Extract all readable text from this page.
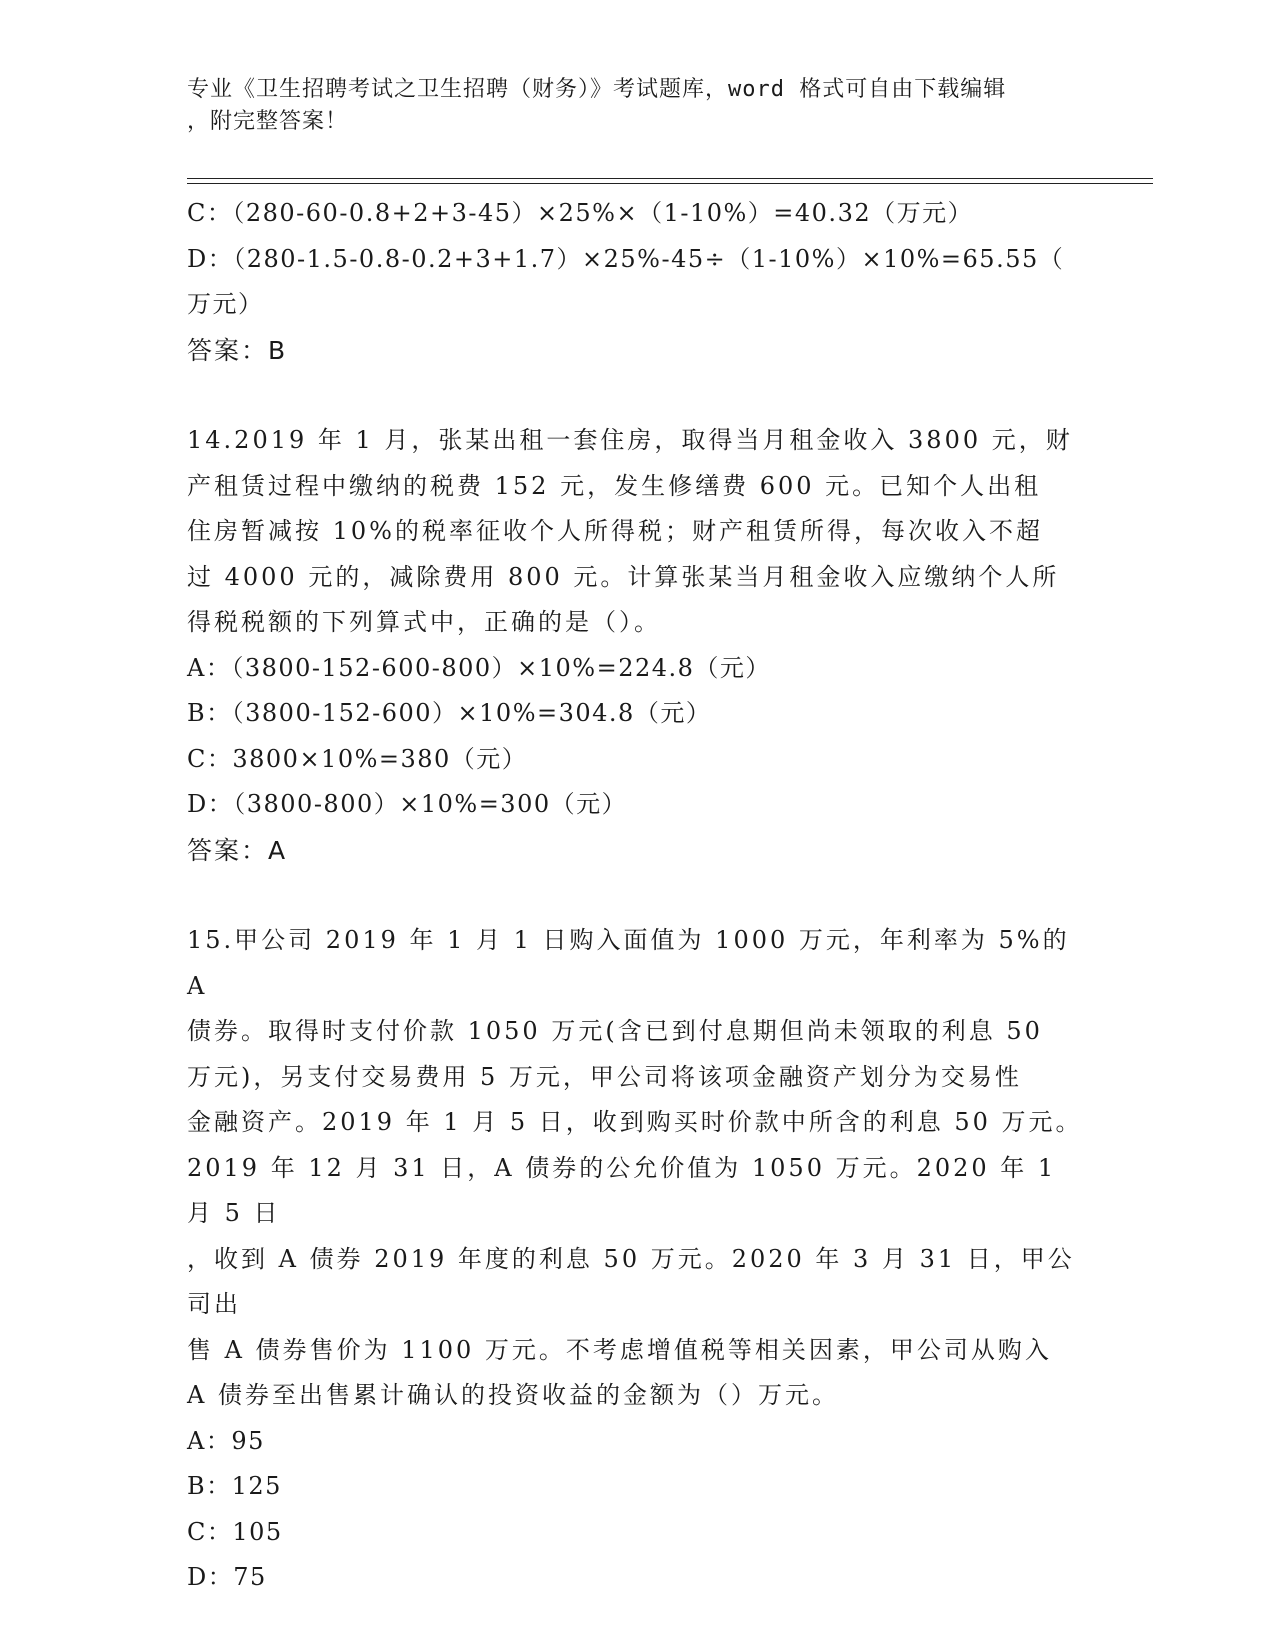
专业《卫生招聘考试之卫生招聘（财务）》考试题库，word 格式可自由下载编辑
，附完整答案！

C：（280-60-0.8+2+3-45）×25%×（1-10%）=40.32（万元）

D：（280-1.5-0.8-0.2+3+1.7）×25%-45÷（1-10%）×10%=65.55（

万元）

答案：B

14.2019 年 1 月，张某出租一套住房，取得当月租金收入 3800 元，财

产租赁过程中缴纳的税费 152 元，发生修缮费 600 元。已知个人出租

住房暂减按 10%的税率征收个人所得税；财产租赁所得，每次收入不超

过 4000 元的，减除费用 800 元。计算张某当月租金收入应缴纳个人所

得税税额的下列算式中，正确的是（）。

A：（3800-152-600-800）×10%=224.8（元）

B：（3800-152-600）×10%=304.8（元）

C：3800×10%=380（元）

D：（3800-800）×10%=300（元）

答案：A

15.甲公司 2019 年 1 月 1 日购入面值为 1000 万元，年利率为 5%的 A

债券。取得时支付价款 1050 万元(含已到付息期但尚未领取的利息 50

万元)，另支付交易费用 5 万元，甲公司将该项金融资产划分为交易性

金融资产。2019 年 1 月 5 日，收到购买时价款中所含的利息 50 万元。

2019 年 12 月 31 日，A 债券的公允价值为 1050 万元。2020 年 1 月 5 日

，收到 A 债券 2019 年度的利息 50 万元。2020 年 3 月 31 日，甲公司出

售 A 债券售价为 1100 万元。不考虑增值税等相关因素，甲公司从购入

A 债券至出售累计确认的投资收益的金额为（）万元。

A：95

B：125

C：105

D：75
